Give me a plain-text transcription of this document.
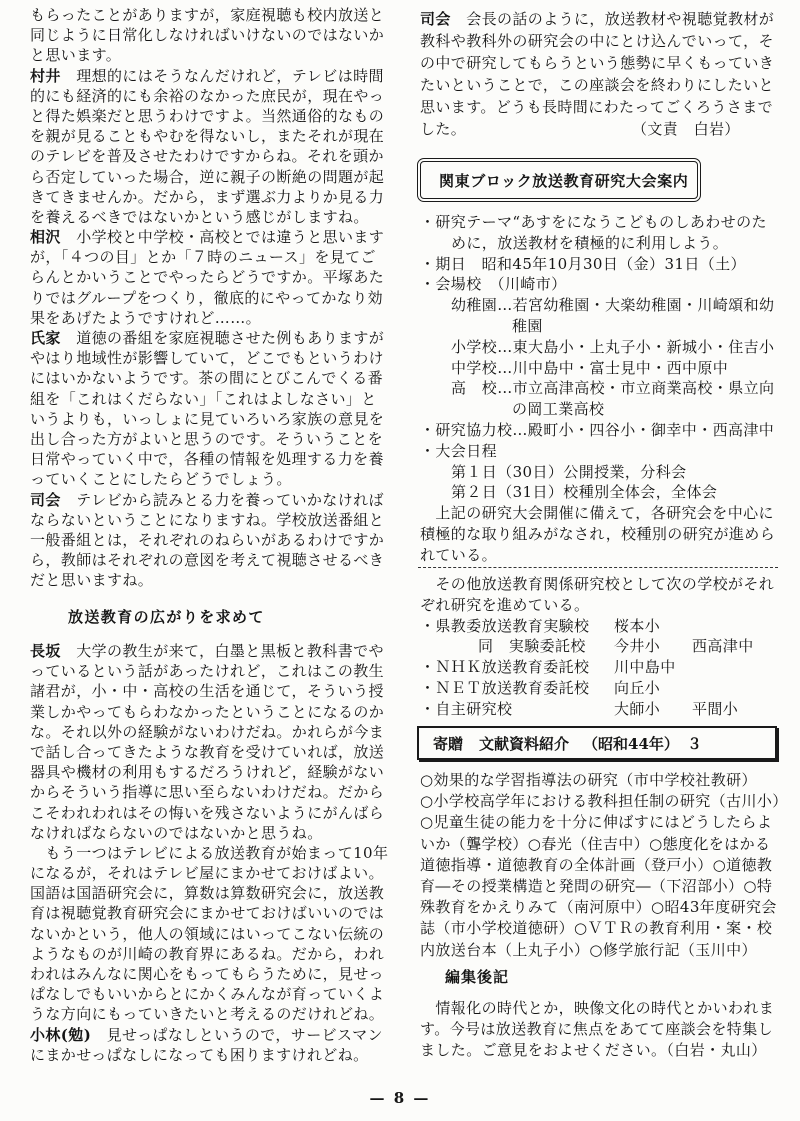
もらったことがありますが，家庭視聴も校内放送と
同じように日常化しなければいけないのではないか
と思います。
村井 理想的にはそうなんだけれど，テレビは時間
的にも経済的にも余裕のなかった庶民が，現在やっ
と得た娯楽だと思うわけですよ。当然通俗的なもの
を親が見ることもやむを得ないし，またそれが現在
のテレビを普及させたわけですからね。それを頭か
ら否定していった場合，逆に親子の断絶の問題が起
きてきませんか。だから，まず選ぶ力よりか見る力
を養えるべきではないかという感じがしますね。
相沢 小学校と中学校・高校とでは違うと思います
が，「４つの目」とか「７時のニュース」を見てご
らんとかいうことでやったらどうですか。平塚あた
りではグループをつくり，徹底的にやってかなり効
果をあげたようですけれど……。
氏家 道徳の番組を家庭視聴させた例もありますが
やはり地域性が影響していて，どこでもというわけ
にはいかないようです。茶の間にとびこんでくる番
組を「これはくだらない」「これはよしなさい」と
いうよりも，いっしょに見ていろいろ家族の意見を
出し合った方がよいと思うのです。そういうことを
日常やっていく中で，各種の情報を処理する力を養
っていくことにしたらどうでしょう。
司会 テレビから読みとる力を養っていかなければ
ならないということになりますね。学校放送番組と
一般番組とは，それぞれのねらいがあるわけですか
ら，教師はそれぞれの意図を考えて視聴させるべき
だと思いますね。
放送教育の広がりを求めて
長坂 大学の教生が来て，白墨と黒板と教科書でや
っているという話があったけれど，これはこの教生
諸君が，小・中・高校の生活を通じて，そういう授
業しかやってもらわなかったということになるのか
な。それ以外の経験がないわけだね。かれらが今ま
で話し合ってきたような教育を受けていれば，放送
器具や機材の利用もするだろうけれど，経験がない
からそういう指導に思い至らないわけだね。だから
こそわれわれはその悔いを残さないようにがんばら
なければならないのではないかと思うね。
もう一つはテレビによる放送教育が始まって10年
になるが，それはテレビ屋にまかせておけばよい。
国語は国語研究会に，算数は算数研究会に，放送教
育は視聴覚教育研究会にまかせておけばいいのでは
ないかという，他人の領域にはいってこない伝統の
ようなものが川崎の教育界にあるね。だから，われ
われはみんなに関心をもってもらうために，見せっ
ぱなしでもいいからとにかくみんなが育っていくよ
うな方向にもっていきたいと考えるのだけれどね。
小林(勉) 見せっぱなしというので，サービスマン
にまかせっぱなしになっても困りますけれどね。
司会 会長の話のように，放送教材や視聴覚教材が
教科や教科外の研究会の中にとけ込んでいって，そ
の中で研究してもらうという態勢に早くもっていき
たいということで，この座談会を終わりにしたいと
思います。どうも長時間にわたってごくろうさまで
した。	（文責　白岩）
関東ブロック放送教育研究大会案内
・研究テーマ“あすをになうこどものしあわせのた
めに，放送教材を積極的に利用しよう。
・期日　昭和45年10月30日（金）31日（土）
・会場校　（川崎市）
幼稚園…若宮幼稚園・大楽幼稚園・川崎頌和幼
稚園
小学校…東大島小・上丸子小・新城小・住吉小
中学校…川中島中・富士見中・西中原中
高　校…市立高津高校・市立商業高校・県立向
の岡工業高校
・研究協力校…殿町小・四谷小・御幸中・西高津中
・大会日程
第１日（30日）公開授業，分科会
第２日（31日）校種別全体会，全体会
上記の研究大会開催に備えて，各研究会を中心に
積極的な取り組みがなされ，校種別の研究が進めら
れている。
その他放送教育関係研究校として次の学校がそれ
ぞれ研究を進めている。
・県教委放送教育実験校	桜本小
同　実験委託校	今井小	西高津中
・ＮＨＫ放送教育委託校	川中島中
・ＮＥＴ放送教育委託校	向丘小
・自主研究校	大師小	平間小
寄贈 文献資料紹介 （昭和44年） ３
○効果的な学習指導法の研究（市中学校社教研）
○小学校高学年における教科担任制の研究（古川小）
○児童生徒の能力を十分に伸ばすにはどうしたらよ
いか（聾学校）○春光（住吉中）○態度化をはかる
道徳指導・道徳教育の全体計画（登戸小）○道徳教
育―その授業構造と発問の研究―（下沼部小）○特
殊教育をかえりみて（南河原中）○昭43年度研究会
誌（市小学校道徳研）○ＶＴＲの教育利用・案・校
内放送台本（上丸子小）○修学旅行記（玉川中）
編集後記
情報化の時代とか，映像文化の時代とかいわれま
す。今号は放送教育に焦点をあてて座談会を特集し
ました。ご意見をおよせください。（白岩・丸山）
— 8 —
